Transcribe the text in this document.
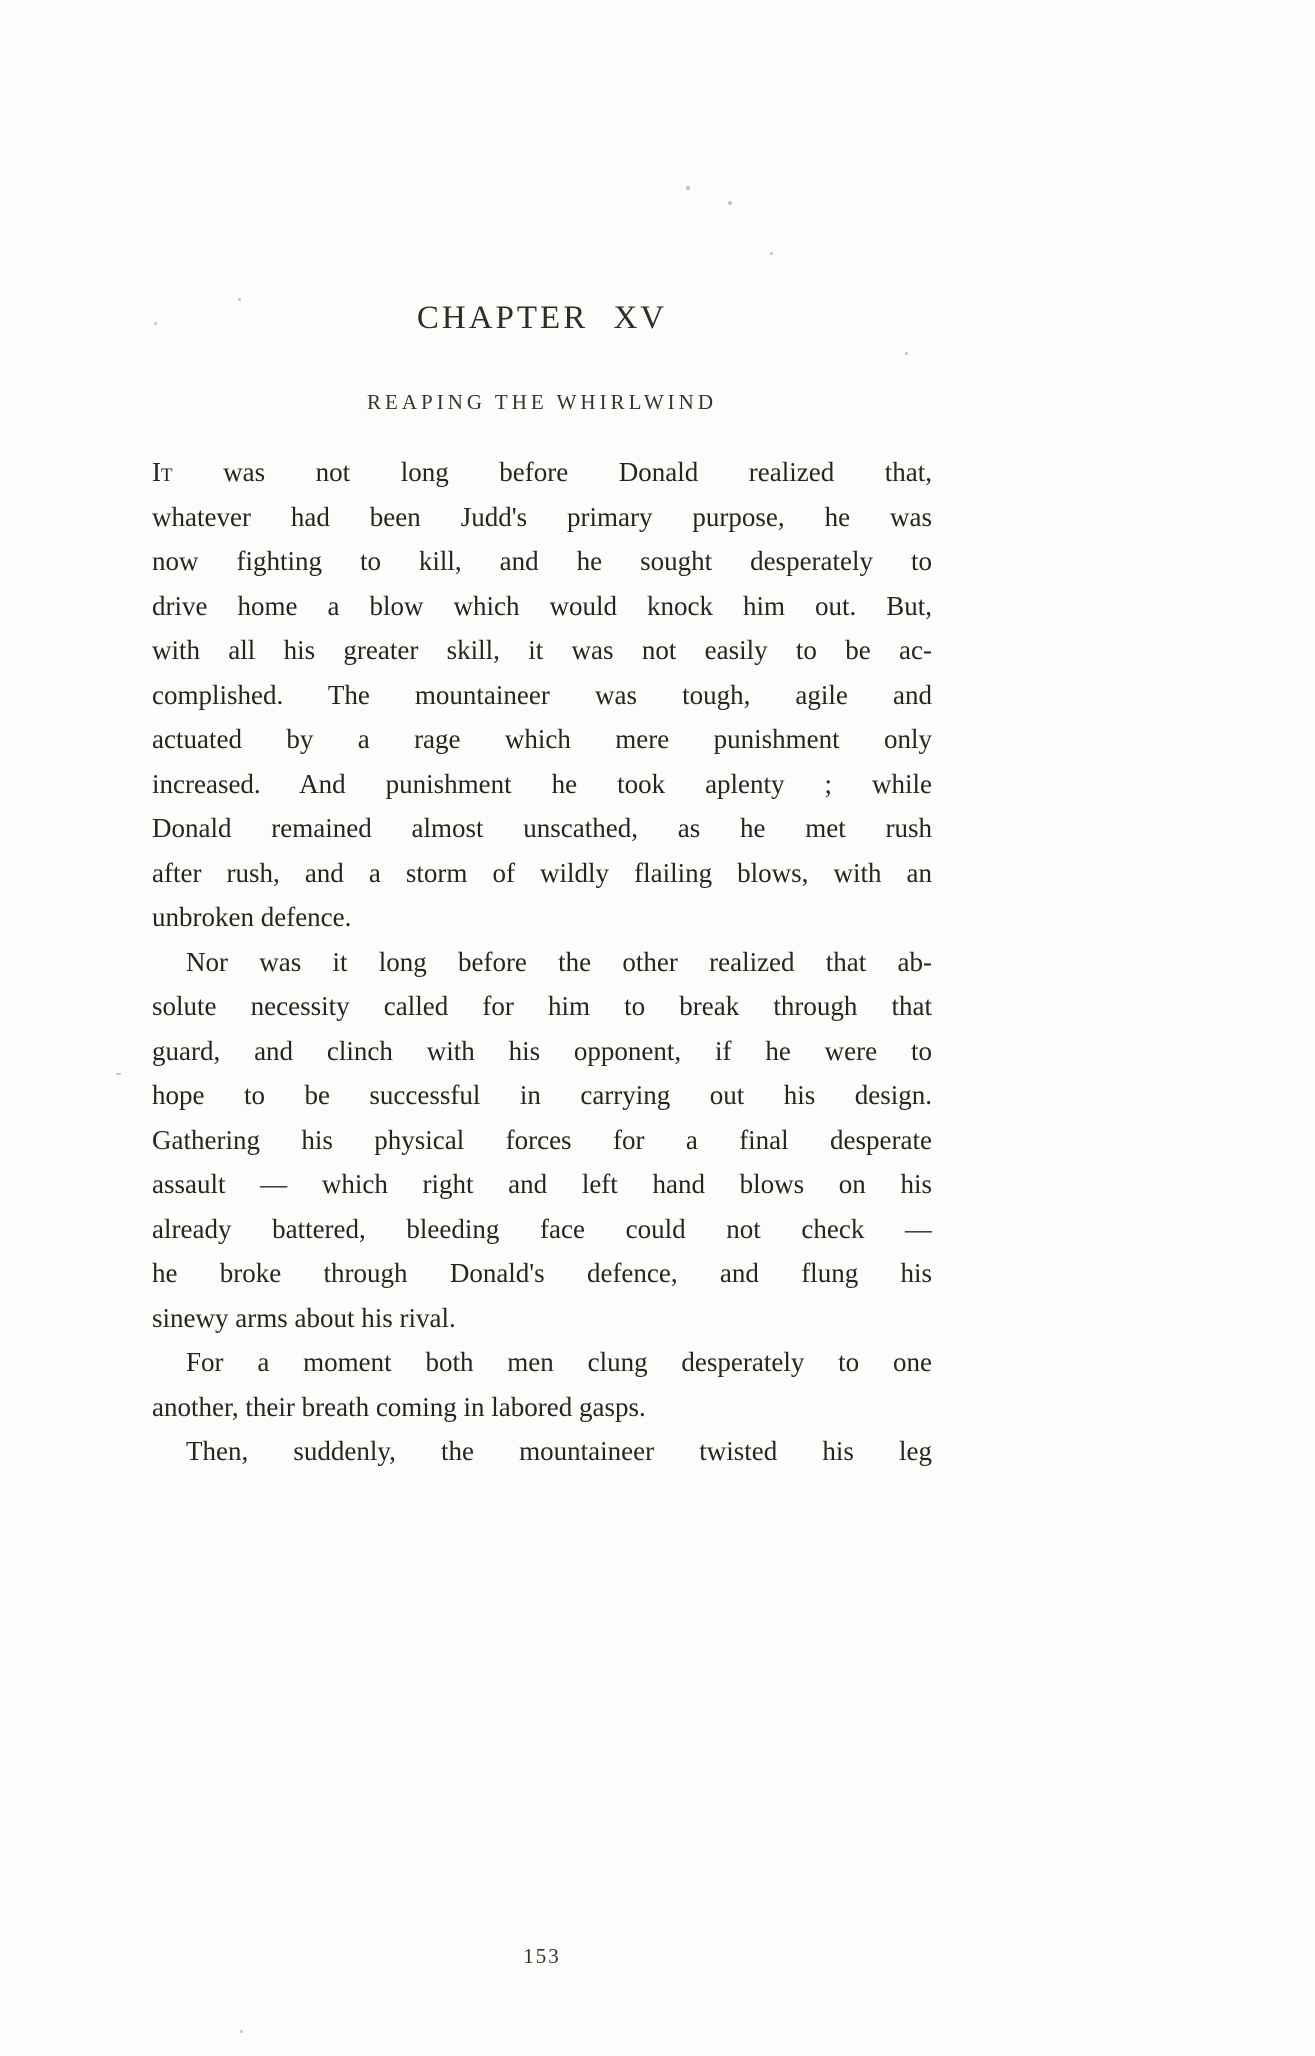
CHAPTER XV
REAPING THE WHIRLWIND
It was not long before Donald realized that,
whatever had been Judd's primary purpose, he was
now fighting to kill, and he sought desperately to
drive home a blow which would knock him out. But,
with all his greater skill, it was not easily to be ac-
complished. The mountaineer was tough, agile and
actuated by a rage which mere punishment only
increased. And punishment he took aplenty ; while
Donald remained almost unscathed, as he met rush
after rush, and a storm of wildly flailing blows, with an
unbroken defence.
Nor was it long before the other realized that ab-
solute necessity called for him to break through that
guard, and clinch with his opponent, if he were to
hope to be successful in carrying out his design.
Gathering his physical forces for a final desperate
assault — which right and left hand blows on his
already battered, bleeding face could not check —
he broke through Donald's defence, and flung his
sinewy arms about his rival.
For a moment both men clung desperately to one
another, their breath coming in labored gasps.
Then, suddenly, the mountaineer twisted his leg
153
